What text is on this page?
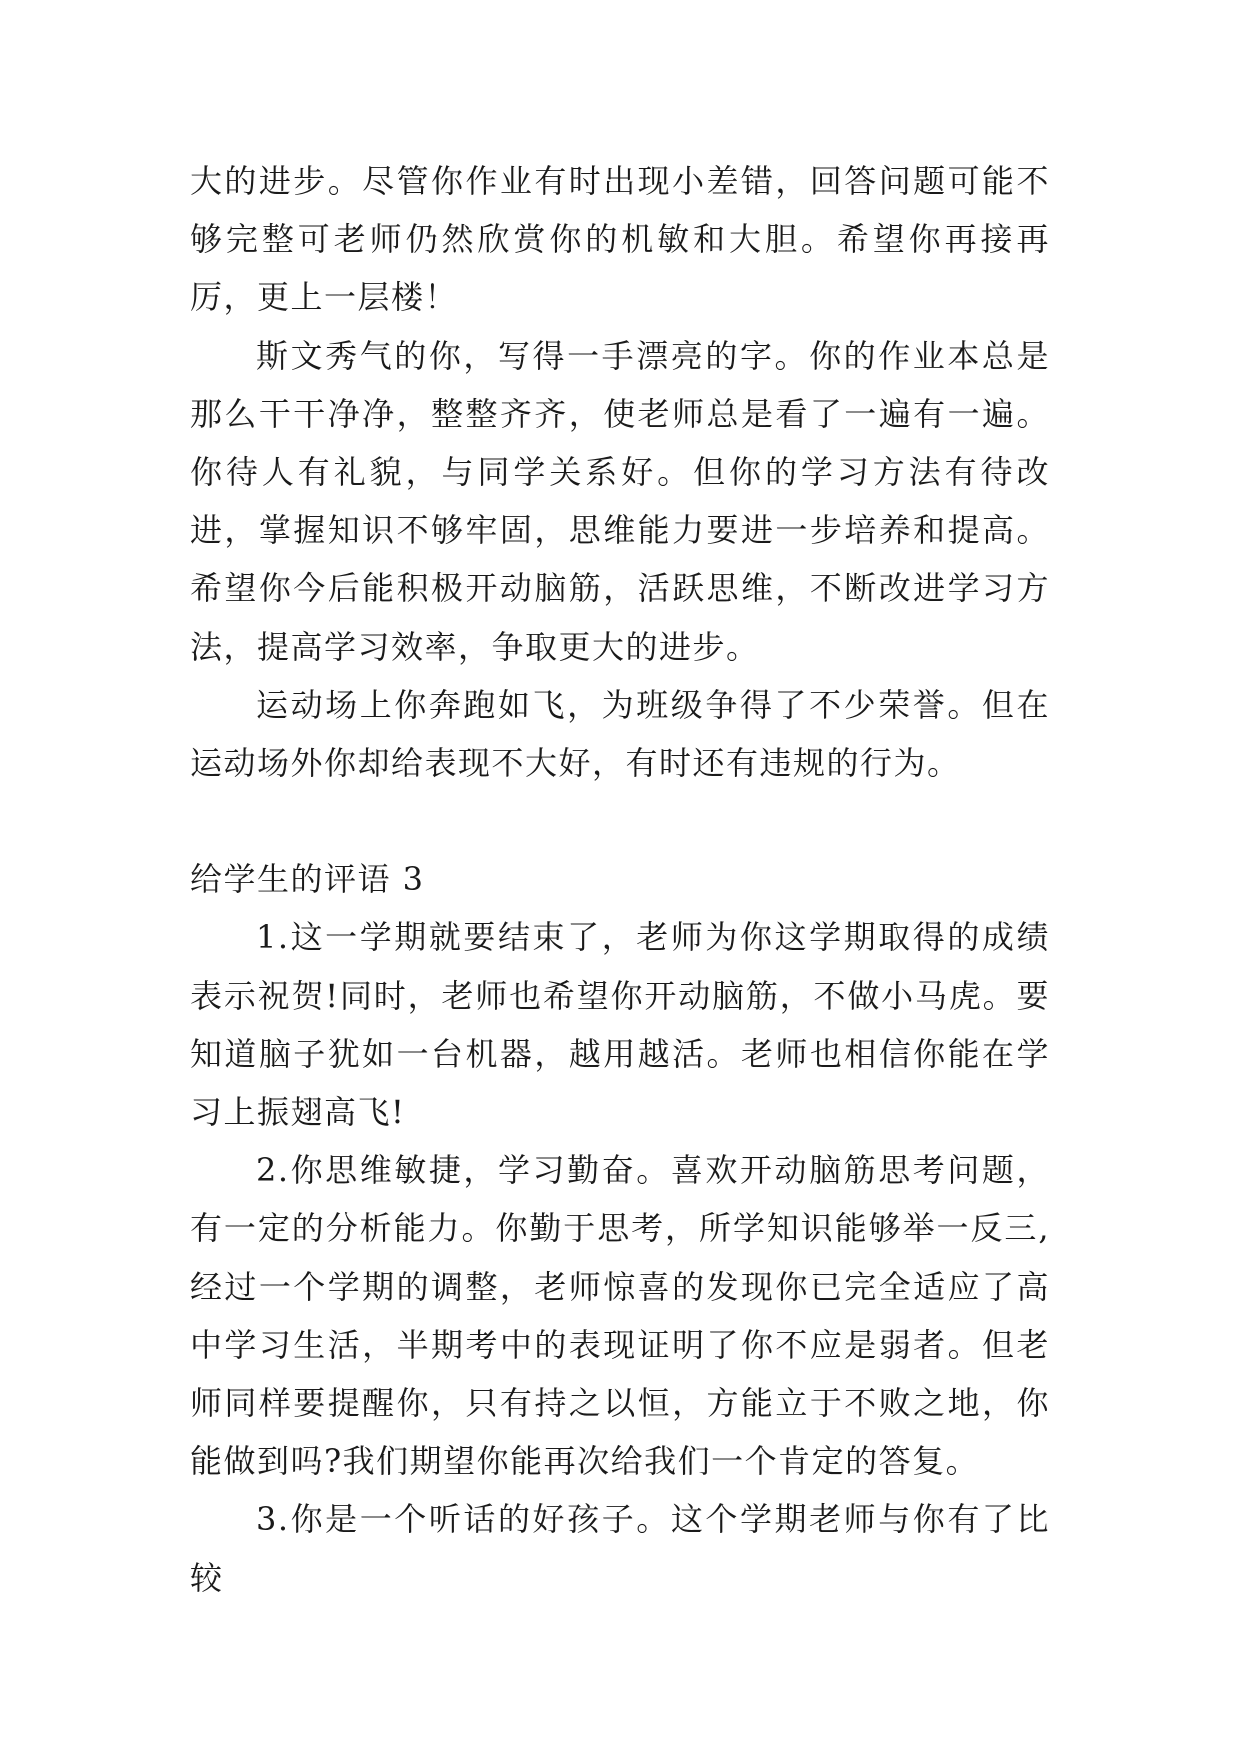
大的进步。尽管你作业有时出现小差错，回答问题可能不够完整可老师仍然欣赏你的机敏和大胆。希望你再接再厉，更上一层楼！

斯文秀气的你，写得一手漂亮的字。你的作业本总是那么干干净净，整整齐齐，使老师总是看了一遍有一遍。你待人有礼貌，与同学关系好。但你的学习方法有待改进，掌握知识不够牢固，思维能力要进一步培养和提高。希望你今后能积极开动脑筋，活跃思维，不断改进学习方法，提高学习效率，争取更大的进步。

运动场上你奔跑如飞，为班级争得了不少荣誉。但在运动场外你却给表现不大好，有时还有违规的行为。

给学生的评语 3

1.这一学期就要结束了，老师为你这学期取得的成绩表示祝贺!同时，老师也希望你开动脑筋，不做小马虎。要知道脑子犹如一台机器，越用越活。老师也相信你能在学习上振翅高飞!

2.你思维敏捷，学习勤奋。喜欢开动脑筋思考问题，有一定的分析能力。你勤于思考，所学知识能够举一反三,经过一个学期的调整，老师惊喜的发现你已完全适应了高中学习生活，半期考中的表现证明了你不应是弱者。但老师同样要提醒你，只有持之以恒，方能立于不败之地，你能做到吗?我们期望你能再次给我们一个肯定的答复。

3.你是一个听话的好孩子。这个学期老师与你有了比较
